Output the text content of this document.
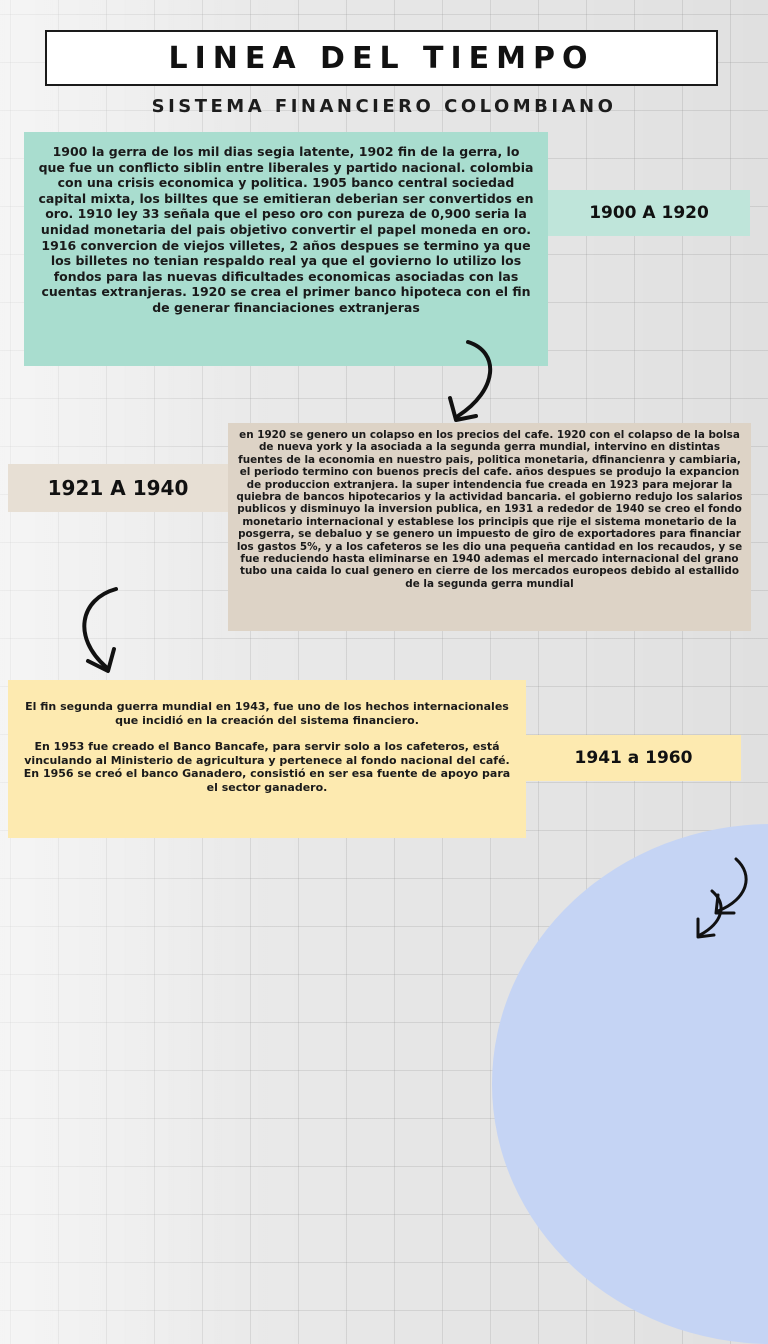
LINEA DEL TIEMPO
SISTEMA FINANCIERO COLOMBIANO
1900 la gerra de los mil dias segia latente, 1902 fin de la gerra, lo que fue un conflicto siblin entre liberales y partido nacional. colombia con una crisis economica y politica. 1905 banco central sociedad capital mixta, los billtes que se emitieran deberian ser convertidos en oro. 1910 ley 33 señala que el peso oro con pureza de 0,900 seria la unidad monetaria del pais objetivo convertir el papel moneda en oro. 1916 convercion de viejos villetes, 2 años despues se termino ya que los billetes no tenian respaldo real ya que el goviernо lo utilizo los fondos para las nuevas dificultades economicas asociadas con las cuentas extranjeras. 1920 se crea el primer banco hipoteca con el fin de generar financiaciones extranjeras
1900 A 1920
en 1920 se genero un colapso en los precios del cafe. 1920 con el colapso de la bolsa de nueva york y la asociada a la segunda gerra mundial, intervino en distintas fuentes de la economia en nuestro pais, politica monetaria, dfinancienra y cambiaria, el periodo termino con buenos precis del cafe. años despues se produjo la expancion de produccion extranjera. la super intendencia fue creada en 1923 para mejorar la quiebra de bancos hipotecarios y la actividad bancaria. el gobierno redujo los salarios publicos y disminuyo la inversion publica, en 1931 a rededor de 1940 se creo el fondo monetario internacional y establese los principis que rije el sistema monetario de la posgerra, se debaluo y se genero un impuesto de giro de exportadores para financiar los gastos 5%, y a los cafeteros se les dio una pequeña cantidad en los recaudos, y se fue reduciendo hasta eliminarse en 1940 ademas el mercado internacional del grano tubo una caida lo cual genero en cierre de los mercados europeos debido al estallido de la segunda gerra mundial
1921 A 1940

El fin segunda guerra mundial en 1943, fue uno de los hechos internacionales que incidió en la creación del sistema financiero.

En 1953 fue creado el Banco Bancafe, para servir solo a los cafeteros, está vinculando al Ministerio de agricultura y pertenece al fondo nacional del café.

En 1956 se creó el banco Ganadero, consistió en ser esa fuente de apoyo para el sector ganadero.

1941 a 1960
